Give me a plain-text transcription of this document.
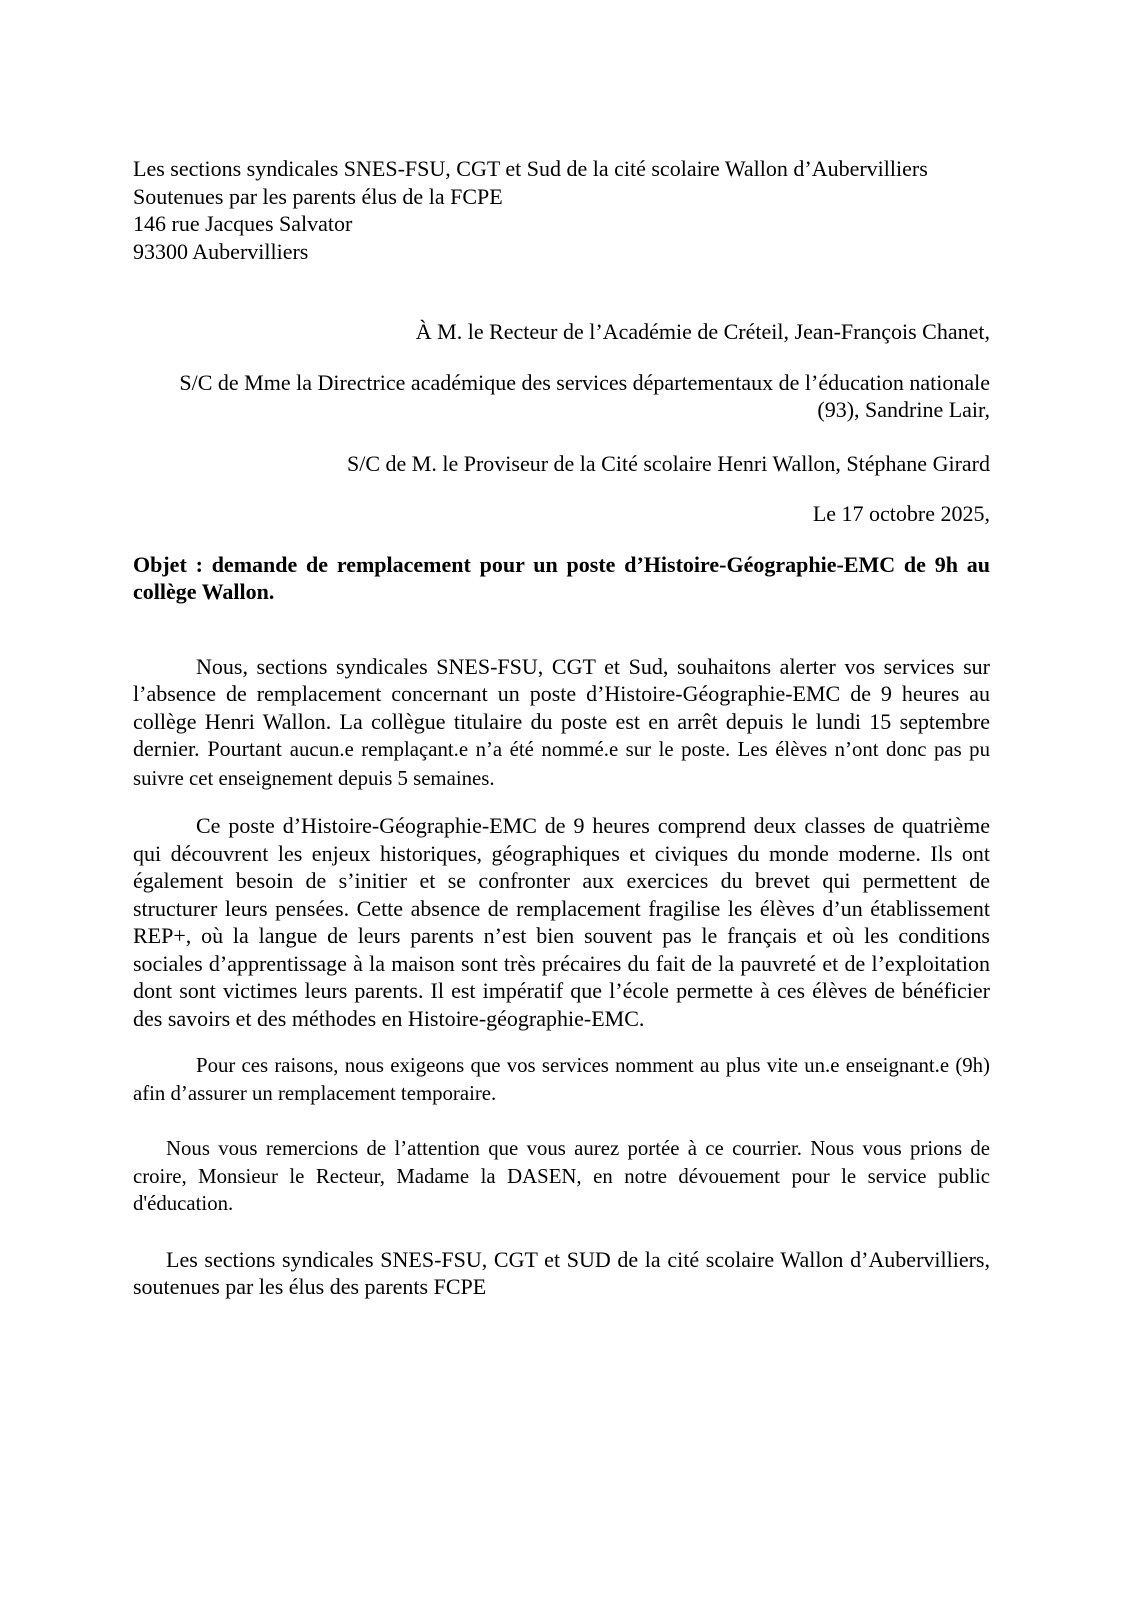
Les sections syndicales SNES-FSU, CGT et Sud de la cité scolaire Wallon d’Aubervilliers

Soutenues par les parents élus de la FCPE

146 rue Jacques Salvator

93300 Aubervilliers

À M. le Recteur de l’Académie de Créteil, Jean-François Chanet,

S/C de Mme la Directrice académique des services départementaux de l’éducation nationale (93), Sandrine Lair,

S/C de M. le Proviseur de la Cité scolaire Henri Wallon, Stéphane Girard

Le 17 octobre 2025,

Objet : demande de remplacement pour un poste d’Histoire-Géographie-EMC de 9h au collège Wallon.

Nous, sections syndicales SNES-FSU, CGT et Sud, souhaitons alerter vos services sur l’absence de remplacement concernant un poste d’Histoire-Géographie-EMC de 9 heures au collège Henri Wallon. La collègue titulaire du poste est en arrêt depuis le lundi 15 septembre dernier. Pourtant aucun.e remplaçant.e n’a été nommé.e sur le poste. Les élèves n’ont donc pas pu suivre cet enseignement depuis 5 semaines.

Ce poste d’Histoire-Géographie-EMC de 9 heures comprend deux classes de quatrième qui découvrent les enjeux historiques, géographiques et civiques du monde moderne. Ils ont également besoin de s’initier et se confronter aux exercices du brevet qui permettent de structurer leurs pensées. Cette absence de remplacement fragilise les élèves d’un établissement REP+, où la langue de leurs parents n’est bien souvent pas le français et où les conditions sociales d’apprentissage à la maison sont très précaires du fait de la pauvreté et de l’exploitation dont sont victimes leurs parents. Il est impératif que l’école permette à ces élèves de bénéficier des savoirs et des méthodes en Histoire-géographie-EMC.

Pour ces raisons, nous exigeons que vos services nomment au plus vite un.e enseignant.e (9h) afin d’assurer un remplacement temporaire.

Nous vous remercions de l’attention que vous aurez portée à ce courrier. Nous vous prions de croire, Monsieur le Recteur, Madame la DASEN, en notre dévouement pour le service public d'éducation.

Les sections syndicales SNES-FSU, CGT et SUD de la cité scolaire Wallon d’Aubervilliers, soutenues par les élus des parents FCPE
